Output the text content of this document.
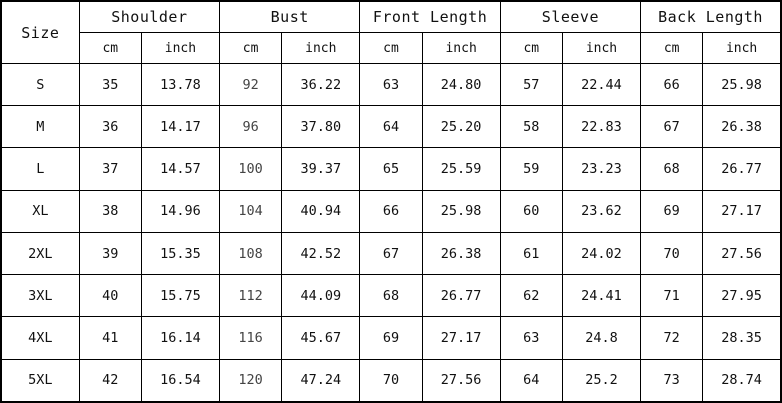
Size	Shoulder		Bust		Front Length		Sleeve		Back Length	
	cm	inch	cm	inch	cm	inch	cm	inch	cm	inch
S	35	13.78	92	36.22	63	24.80	57	22.44	66	25.98
M	36	14.17	96	37.80	64	25.20	58	22.83	67	26.38
L	37	14.57	100	39.37	65	25.59	59	23.23	68	26.77
XL	38	14.96	104	40.94	66	25.98	60	23.62	69	27.17
2XL	39	15.35	108	42.52	67	26.38	61	24.02	70	27.56
3XL	40	15.75	112	44.09	68	26.77	62	24.41	71	27.95
4XL	41	16.14	116	45.67	69	27.17	63	24.8	72	28.35
5XL	42	16.54	120	47.24	70	27.56	64	25.2	73	28.74
